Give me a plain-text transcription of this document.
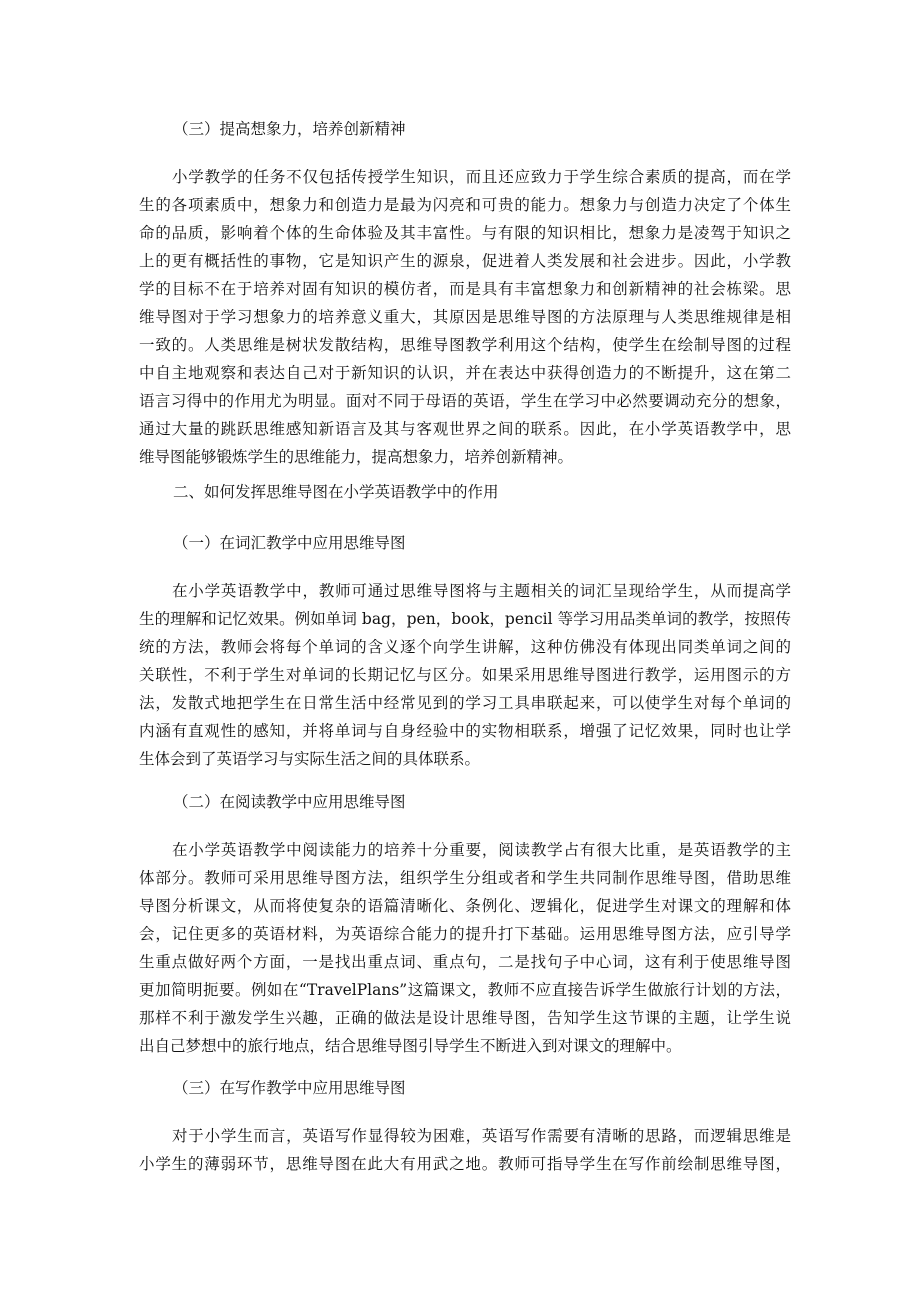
（三）提高想象力，培养创新精神
小学教学的任务不仅包括传授学生知识，而且还应致力于学生综合素质的提高，而在学
生的各项素质中，想象力和创造力是最为闪亮和可贵的能力。想象力与创造力决定了个体生
命的品质，影响着个体的生命体验及其丰富性。与有限的知识相比，想象力是凌驾于知识之
上的更有概括性的事物，它是知识产生的源泉，促进着人类发展和社会进步。因此，小学教
学的目标不在于培养对固有知识的模仿者，而是具有丰富想象力和创新精神的社会栋梁。思
维导图对于学习想象力的培养意义重大，其原因是思维导图的方法原理与人类思维规律是相
一致的。人类思维是树状发散结构，思维导图教学利用这个结构，使学生在绘制导图的过程
中自主地观察和表达自己对于新知识的认识，并在表达中获得创造力的不断提升，这在第二
语言习得中的作用尤为明显。面对不同于母语的英语，学生在学习中必然要调动充分的想象，
通过大量的跳跃思维感知新语言及其与客观世界之间的联系。因此，在小学英语教学中，思
维导图能够锻炼学生的思维能力，提高想象力，培养创新精神。
二、如何发挥思维导图在小学英语教学中的作用
（一）在词汇教学中应用思维导图
在小学英语教学中，教师可通过思维导图将与主题相关的词汇呈现给学生，从而提高学
生的理解和记忆效果。例如单词 bag，pen，book，pencil 等学习用品类单词的教学，按照传
统的方法，教师会将每个单词的含义逐个向学生讲解，这种仿佛没有体现出同类单词之间的
关联性，不利于学生对单词的长期记忆与区分。如果采用思维导图进行教学，运用图示的方
法，发散式地把学生在日常生活中经常见到的学习工具串联起来，可以使学生对每个单词的
内涵有直观性的感知，并将单词与自身经验中的实物相联系，增强了记忆效果，同时也让学
生体会到了英语学习与实际生活之间的具体联系。
（二）在阅读教学中应用思维导图
在小学英语教学中阅读能力的培养十分重要，阅读教学占有很大比重，是英语教学的主
体部分。教师可采用思维导图方法，组织学生分组或者和学生共同制作思维导图，借助思维
导图分析课文，从而将使复杂的语篇清晰化、条例化、逻辑化，促进学生对课文的理解和体
会，记住更多的英语材料，为英语综合能力的提升打下基础。运用思维导图方法，应引导学
生重点做好两个方面，一是找出重点词、重点句，二是找句子中心词，这有利于使思维导图
更加简明扼要。例如在“TravelPlans”这篇课文，教师不应直接告诉学生做旅行计划的方法，
那样不利于激发学生兴趣，正确的做法是设计思维导图，告知学生这节课的主题，让学生说
出自己梦想中的旅行地点，结合思维导图引导学生不断进入到对课文的理解中。
（三）在写作教学中应用思维导图
对于小学生而言，英语写作显得较为困难，英语写作需要有清晰的思路，而逻辑思维是
小学生的薄弱环节，思维导图在此大有用武之地。教师可指导学生在写作前绘制思维导图，
